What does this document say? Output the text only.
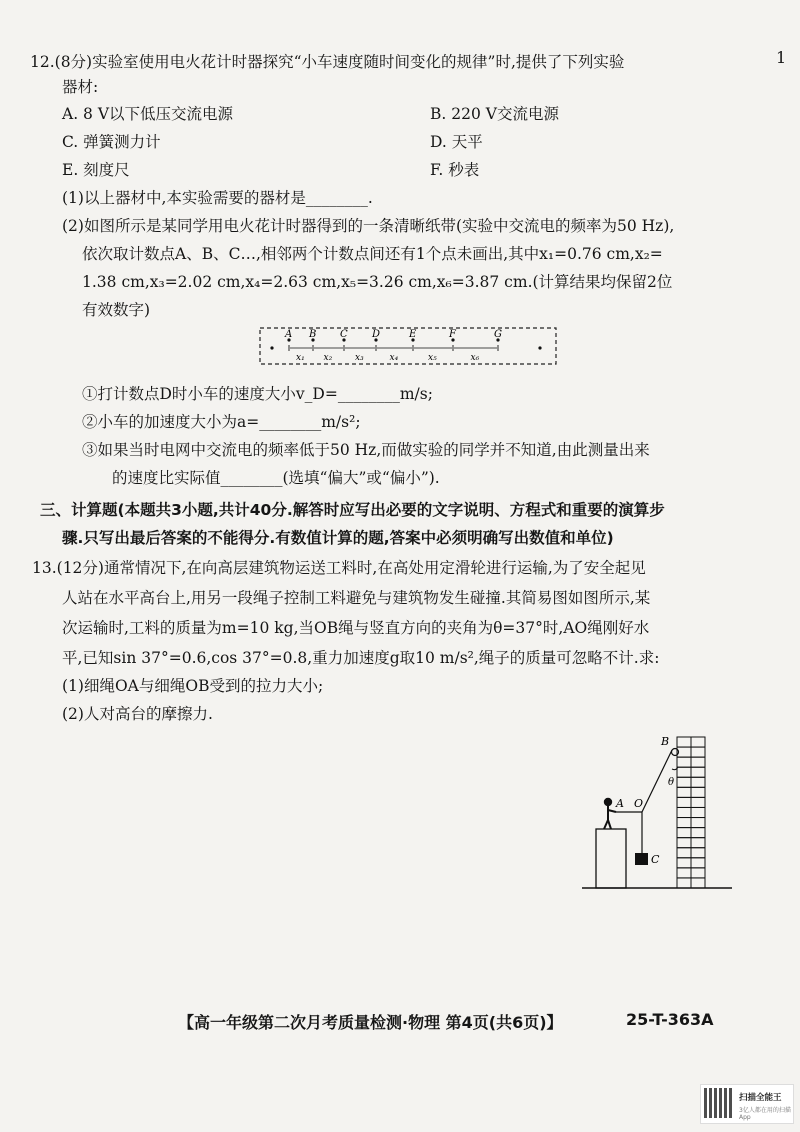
1
12.(8分)实验室使用电火花计时器探究“小车速度随时间变化的规律”时,提供了下列实验
器材:
A. 8 V以下低压交流电源	B. 220 V交流电源
C. 弹簧测力计	D. 天平
E. 刻度尺	F. 秒表
(1)以上器材中,本实验需要的器材是________.
(2)如图所示是某同学用电火花计时器得到的一条清晰纸带(实验中交流电的频率为50 Hz),
依次取计数点A、B、C…,相邻两个计数点间还有1个点未画出,其中x₁=0.76 cm,x₂=
1.38 cm,x₃=2.02 cm,x₄=2.63 cm,x₅=3.26 cm,x₆=3.87 cm.(计算结果均保留2位
有效数字)
A B C D	E	F	G
x₁ x₂	x₃	x₄	x₅	x₆
①打计数点D时小车的速度大小v_D=________m/s;
②小车的加速度大小为a=________m/s²;
③如果当时电网中交流电的频率低于50 Hz,而做实验的同学并不知道,由此测量出来
的速度比实际值________(选填“偏大”或“偏小”).
三、计算题(本题共3小题,共计40分.解答时应写出必要的文字说明、方程式和重要的演算步
骤.只写出最后答案的不能得分.有数值计算的题,答案中必须明确写出数值和单位)
13.(12分)通常情况下,在向高层建筑物运送工料时,在高处用定滑轮进行运输,为了安全起见
人站在水平高台上,用另一段绳子控制工料避免与建筑物发生碰撞.其简易图如图所示,某
次运输时,工料的质量为m=10 kg,当OB绳与竖直方向的夹角为θ=37°时,AO绳刚好水
平,已知sin 37°=0.6,cos 37°=0.8,重力加速度g取10 m/s²,绳子的质量可忽略不计.求:
(1)细绳OA与细绳OB受到的拉力大小;
(2)人对高台的摩擦力.
B
θ
A O
C
【高一年级第二次月考质量检测·物理 第4页(共6页)】	25-T-363A
扫描全能王
3亿人都在用的扫描App
